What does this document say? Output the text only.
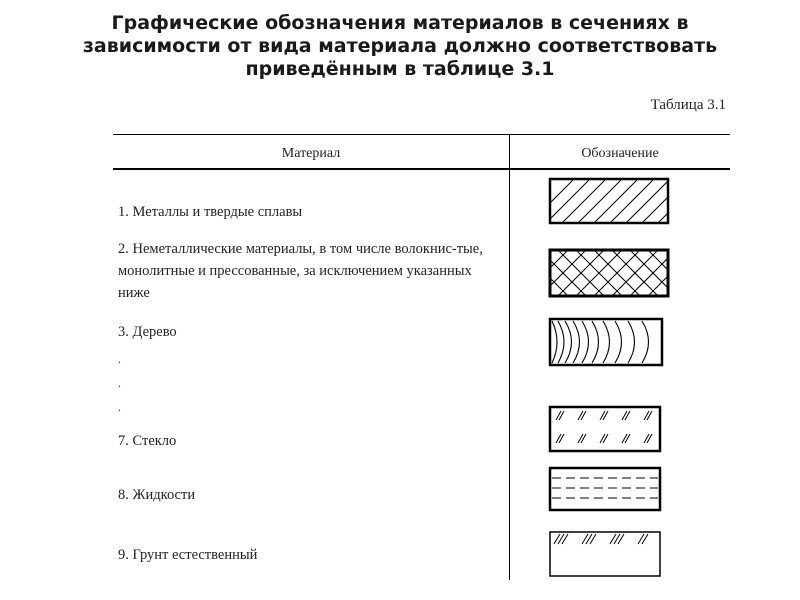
Графические обозначения материалов в сечениях в зависимости от вида материала должно соответствовать приведённым в таблице 3.1
Таблица 3.1
Материал	Обозначение
1. Металлы и твердые сплавы
2. Неметаллические материалы, в том числе волокнис-тые, монолитные и прессованные, за исключением указанных ниже
3. Дерево
.
.
.
7. Стекло
8. Жидкости
9. Грунт естественный
